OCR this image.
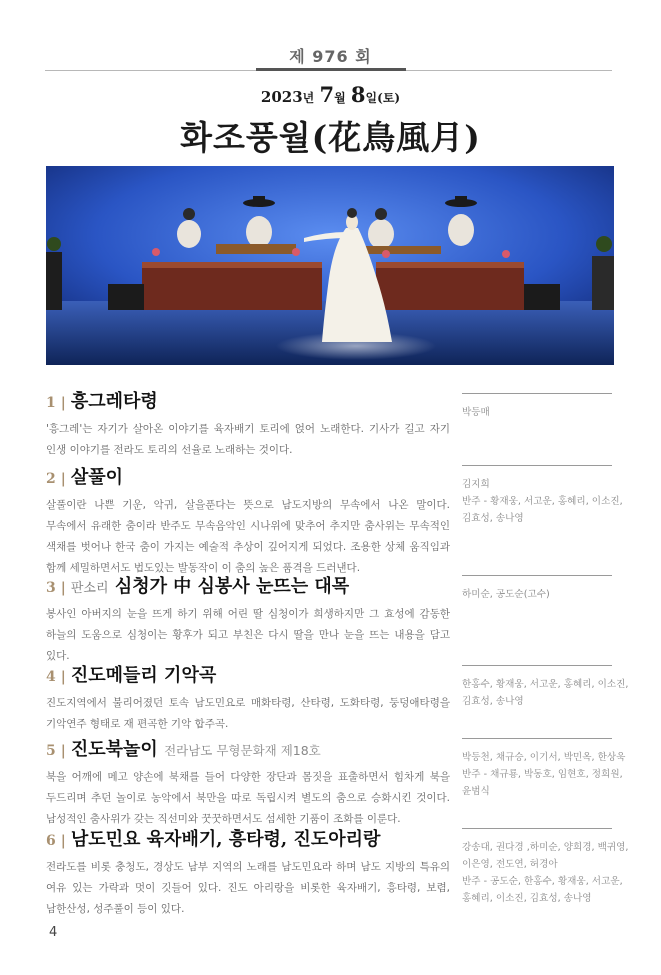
제 976 회
2023년 7월 8일(토)
화조풍월(花鳥風月)
1 | 흥그레타령
'흥그레'는 자기가 살아온 이야기를 육자배기 토리에 얹어 노래한다. 기사가 길고 자기 인생 이야기를 전라도 토리의 선율로 노래하는 것이다.
박등매
2 | 살풀이
살풀이란 나쁜 기운, 악귀, 살을푼다는 뜻으로 남도지방의 무속에서 나온 말이다. 무속에서 유래한 춤이라 반주도 무속음악인 시나위에 맞추어 추지만 춤사위는 무속적인 색채를 벗어나 한국 춤이 가지는 예술적 추상이 깊어지게 되었다. 조용한 상체 움직임과 함께 세밀하면서도 법도있는 발동작이 이 춤의 높은 품격을 드러낸다.
김지희
반주 - 황재웅, 서고운, 홍혜리, 이소진,
김효성, 송나영
3 | 판소리 심청가 中 심봉사 눈뜨는 대목
봉사인 아버지의 눈을 뜨게 하기 위해 어린 딸 심청이가 희생하지만 그 효성에 감동한 하늘의 도움으로 심청이는 황후가 되고 부친은 다시 딸을 만나 눈을 뜨는 내용을 담고 있다.
하미순, 공도순(고수)
4 | 진도메들리 기악곡
진도지역에서 불리어졌던 토속 남도민요로 매화타령, 산타령, 도화타령, 둥덩애타령을 기악연주 형태로 재 편곡한 기악 합주곡.
한홍수, 황재웅, 서고운, 홍혜리, 이소진,
김효성, 송나영
5 | 진도북놀이 전라남도 무형문화재 제18호
북을 어깨에 메고 양손에 북채를 들어 다양한 장단과 몸짓을 표출하면서 힘차게 북을 두드리며 추던 놀이로 농악에서 북만을 따로 독립시켜 별도의 춤으로 승화시킨 것이다. 남성적인 춤사위가 갖는 직선미와 꿋꿋하면서도 섬세한 기품이 조화를 이룬다.
박등천, 채규승, 이기서, 박민옥, 한상욱
반주 - 채규룡, 박동호, 임현호, 정희원,
윤범식
6 | 남도민요 육자배기, 흥타령, 진도아리랑
전라도를 비롯 충청도, 경상도 남부 지역의 노래를 남도민요라 하며 남도 지방의 특유의 여유 있는 가락과 멋이 깃들어 있다. 진도 아리랑을 비롯한 육자배기, 흥타령, 보렴, 남한산성, 성주풀이 등이 있다.
강송대, 권다경 ,하미순, 양희경, 백귀영,
이은영, 전도연, 허경아
반주 - 공도순, 한홍수, 황재웅, 서고운,
홍혜리, 이소진, 김효성, 송나영
4
